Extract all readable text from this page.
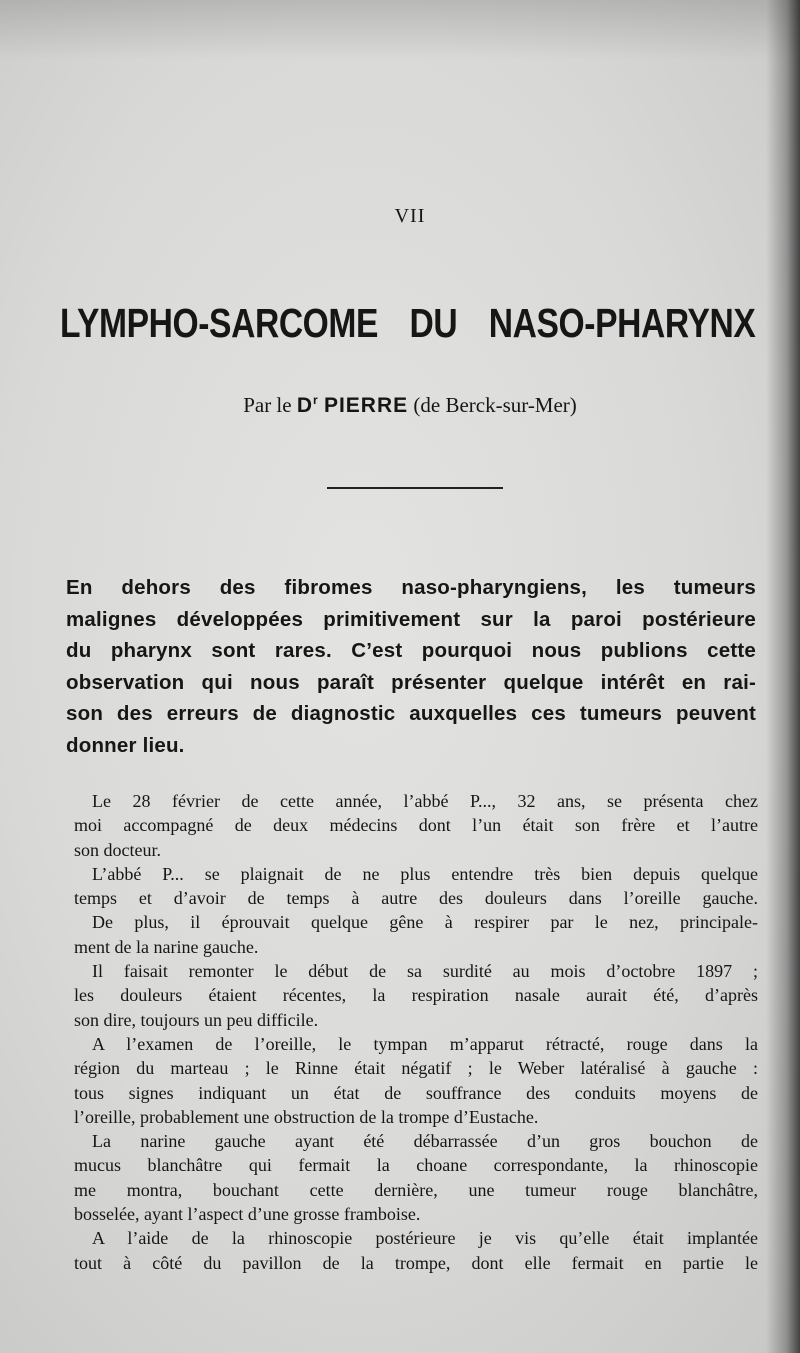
VII
LYMPHO-SARCOME DU NASO-PHARYNX
Par le $D^r$ PIERRE (de Berck-sur-Mer)
En dehors des fibromes naso-pharyngiens, les tumeurs
malignes développées primitivement sur la paroi postérieure
du pharynx sont rares. C’est pourquoi nous publions cette
observation qui nous paraît présenter quelque intérêt en rai-
son des erreurs de diagnostic auxquelles ces tumeurs peuvent
donner lieu.
Le 28 février de cette année, l’abbé P..., 32 ans, se présenta chez
moi accompagné de deux médecins dont l’un était son frère et l’autre
son docteur.
L’abbé P... se plaignait de ne plus entendre très bien depuis quelque
temps et d’avoir de temps à autre des douleurs dans l’oreille gauche.
De plus, il éprouvait quelque gêne à respirer par le nez, principale-
ment de la narine gauche.
Il faisait remonter le début de sa surdité au mois d’octobre 1897 ;
les douleurs étaient récentes, la respiration nasale aurait été, d’après
son dire, toujours un peu difficile.
A l’examen de l’oreille, le tympan m’apparut rétracté, rouge dans la
région du marteau ; le Rinne était négatif ; le Weber latéralisé à gauche :
tous signes indiquant un état de souffrance des conduits moyens de
l’oreille, probablement une obstruction de la trompe d’Eustache.
La narine gauche ayant été débarrassée d’un gros bouchon de
mucus blanchâtre qui fermait la choane correspondante, la rhinoscopie
me montra, bouchant cette dernière, une tumeur rouge blanchâtre,
bosselée, ayant l’aspect d’une grosse framboise.
A l’aide de la rhinoscopie postérieure je vis qu’elle était implantée
tout à côté du pavillon de la trompe, dont elle fermait en partie le
